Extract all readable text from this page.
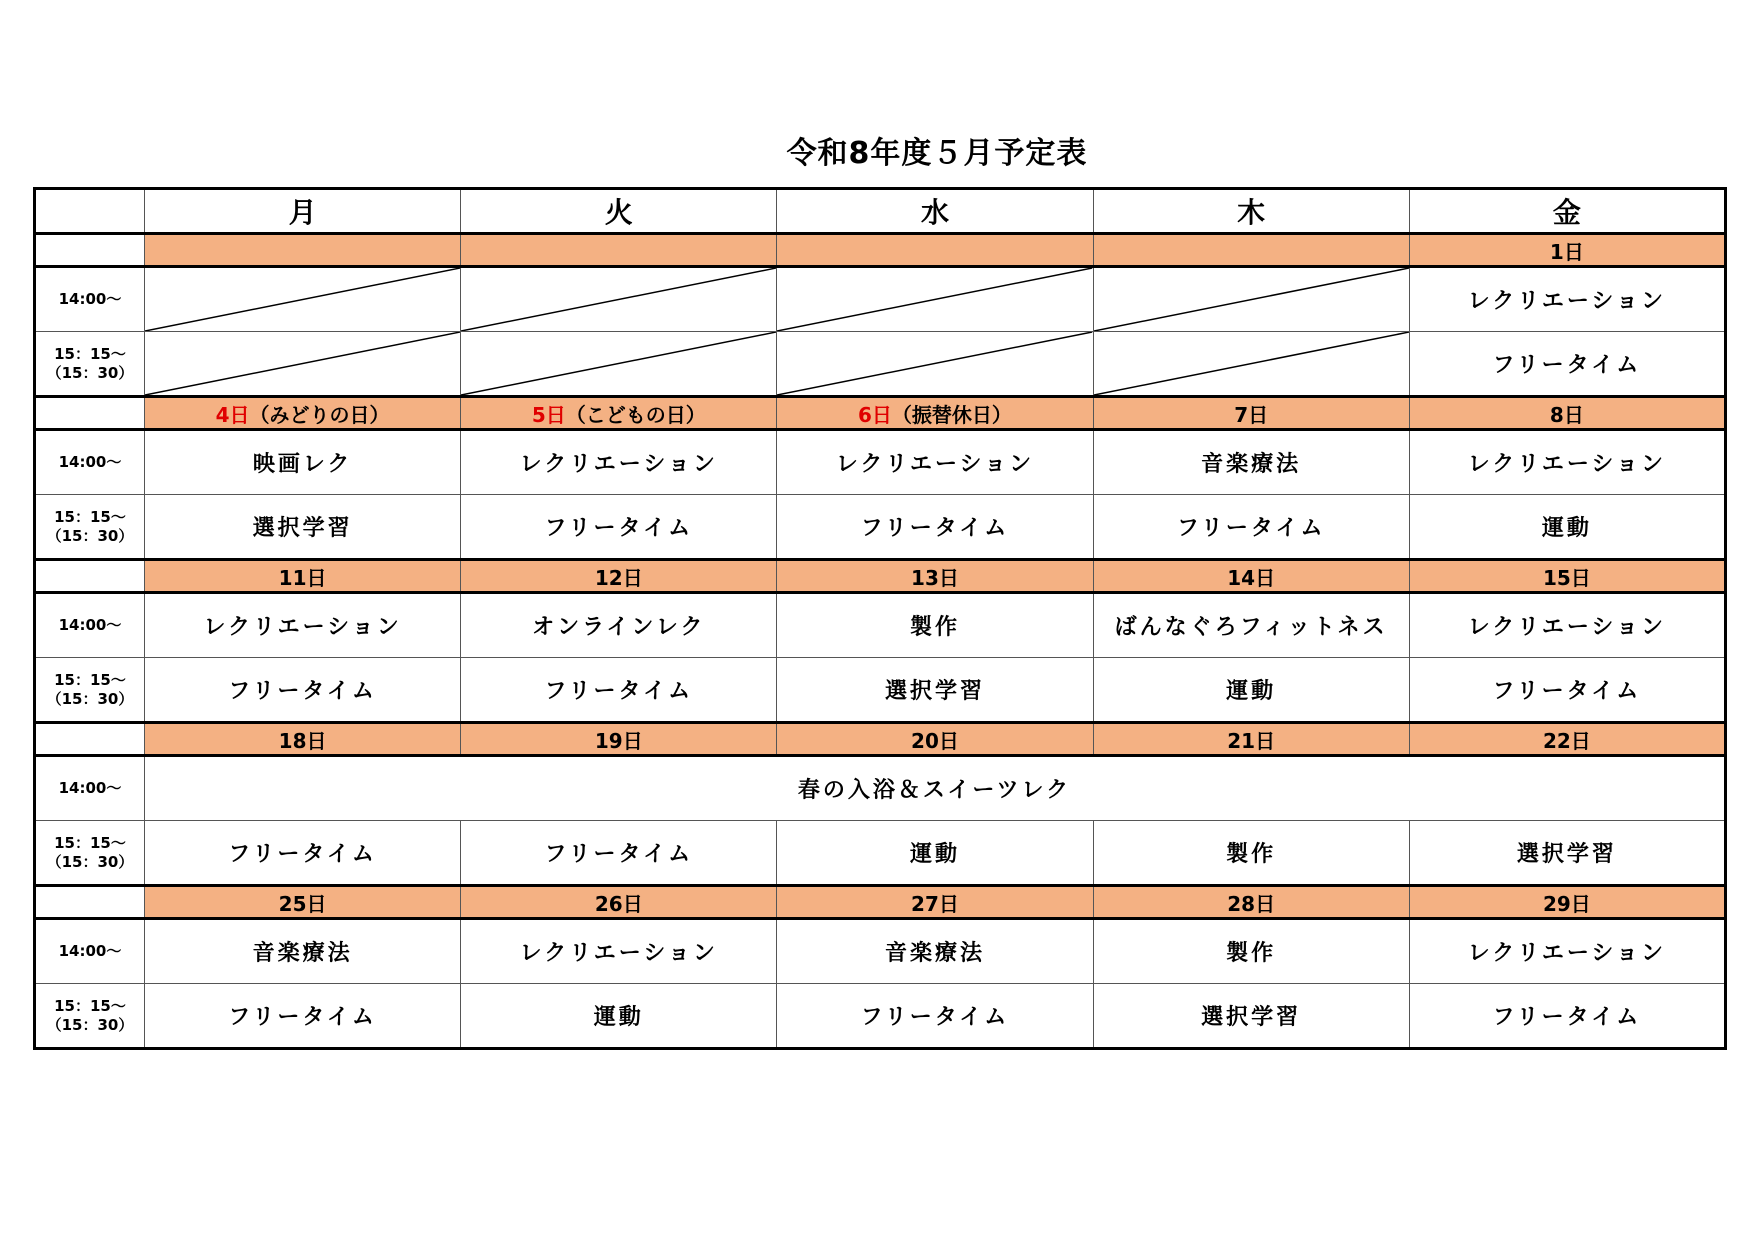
令和8年度５月予定表
	月	火	水	木	金
					1日
14:00～					レクリエーション
15：15～
（15：30）					フリータイム
	4日（みどりの日）	5日（こどもの日）	6日（振替休日）	7日	8日
14:00～	映画レク	レクリエーション	レクリエーション	音楽療法	レクリエーション
15：15～
（15：30）	選択学習	フリータイム	フリータイム	フリータイム	運動
	11日	12日	13日	14日	15日
14:00～	レクリエーション	オンラインレク	製作	ばんなぐろフィットネス	レクリエーション
15：15～
（15：30）	フリータイム	フリータイム	選択学習	運動	フリータイム
	18日	19日	20日	21日	22日
14:00～	春の入浴＆スイーツレク				
15：15～
（15：30）	フリータイム	フリータイム	運動	製作	選択学習
	25日	26日	27日	28日	29日
14:00～	音楽療法	レクリエーション	音楽療法	製作	レクリエーション
15：15～
（15：30）	フリータイム	運動	フリータイム	選択学習	フリータイム
